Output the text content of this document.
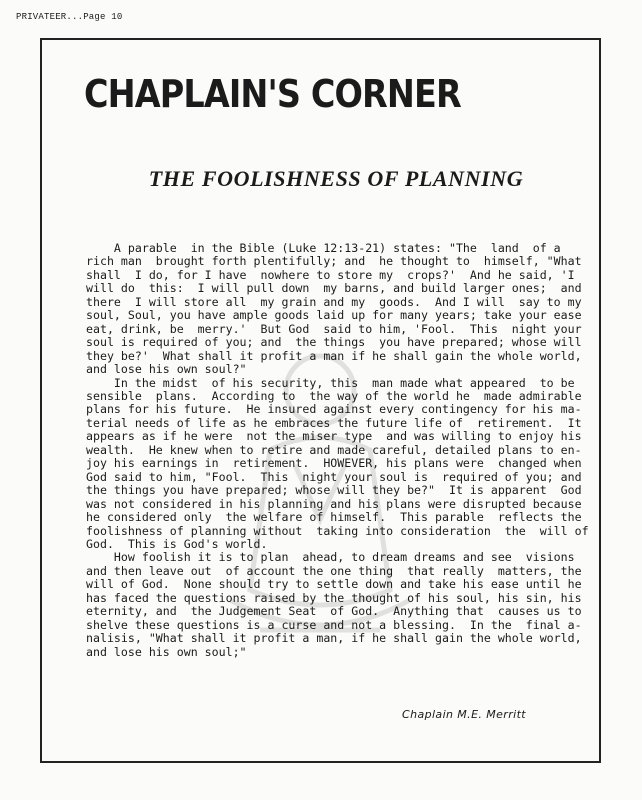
PRIVATEER...Page 10
CHAPLAIN'S CORNER
THE FOOLISHNESS OF PLANNING
A parable  in the Bible (Luke 12:13-21) states: "The  land  of a
rich man  brought forth plentifully; and  he thought to  himself, "What
shall  I do, for I have  nowhere to store my  crops?'  And he said, 'I
will do  this:  I will pull down  my barns, and build larger ones;  and
there  I will store all  my grain and my  goods.  And I will  say to my
soul, Soul, you have ample goods laid up for many years; take your ease
eat, drink, be  merry.'  But God  said to him, 'Fool.  This  night your
soul is required of you; and  the things  you have prepared; whose will
they be?'  What shall it profit a man if he shall gain the whole world,
and lose his own soul?"
In the midst  of his security, this  man made what appeared  to be
sensible  plans.  According to  the way of the world he  made admirable
plans for his future.  He insured against every contingency for his ma-
terial needs of life as he embraces the future life of  retirement.  It
appears as if he were  not the miser type  and was willing to enjoy his
wealth.  He knew when to retire and made careful, detailed plans to en-
joy his earnings in  retirement.  HOWEVER, his plans were  changed when
God said to him, "Fool.  This  night your soul is  required of you; and
the things you have prepared; whose will they be?"  It is apparent  God
was not considered in his planning and his plans were disrupted because
he considered only  the welfare of himself.  This parable  reflects the
foolishness of planning without  taking into consideration  the  will of
God.  This is God's world.
How foolish it is to plan  ahead, to dream dreams and see  visions
and then leave out  of account the one thing  that really  matters, the
will of God.  None should try to settle down and take his ease until he
has faced the questions raised by the thought of his soul, his sin, his
eternity, and  the Judgement Seat  of God.  Anything that  causes us to
shelve these questions is a curse and not a blessing.  In the  final a-
nalisis, "What shall it profit a man, if he shall gain the whole world,
and lose his own soul;"
Chaplain M.E. Merritt
